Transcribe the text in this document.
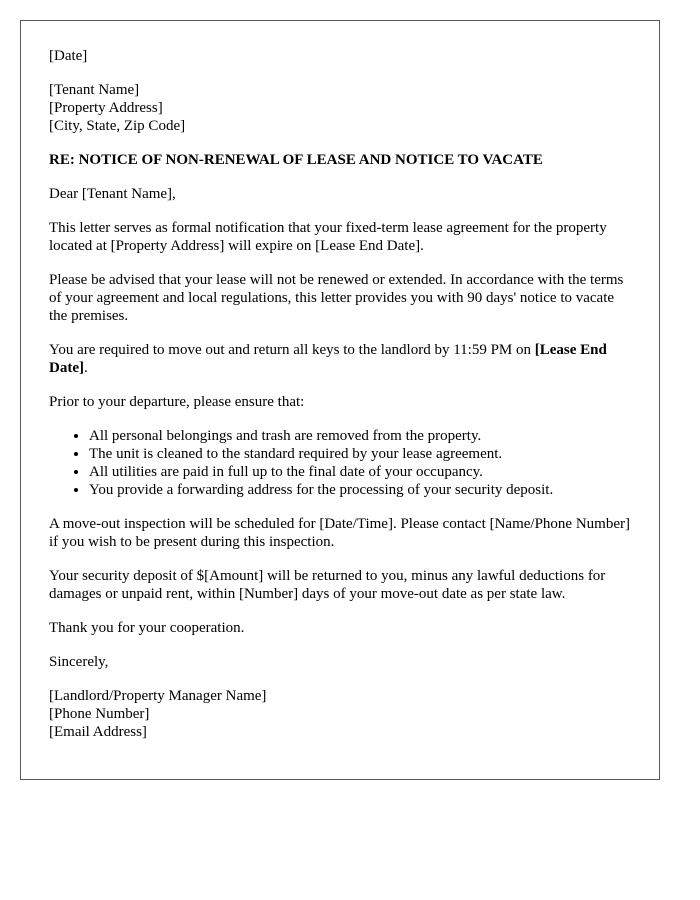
[Date]
[Tenant Name]
[Property Address]
[City, State, Zip Code]
RE: NOTICE OF NON-RENEWAL OF LEASE AND NOTICE TO VACATE

Dear [Tenant Name],

This letter serves as formal notification that your fixed-term lease agreement for the property located at [Property Address] will expire on [Lease End Date].

Please be advised that your lease will not be renewed or extended. In accordance with the terms of your agreement and local regulations, this letter provides you with 90 days' notice to vacate the premises.

You are required to move out and return all keys to the landlord by 11:59 PM on [Lease End Date].

Prior to your departure, please ensure that:

• All personal belongings and trash are removed from the property.
• The unit is cleaned to the standard required by your lease agreement.
• All utilities are paid in full up to the final date of your occupancy.
• You provide a forwarding address for the processing of your security deposit.

A move-out inspection will be scheduled for [Date/Time]. Please contact [Name/Phone Number] if you wish to be present during this inspection.

Your security deposit of $[Amount] will be returned to you, minus any lawful deductions for damages or unpaid rent, within [Number] days of your move-out date as per state law.

Thank you for your cooperation.

Sincerely,

[Landlord/Property Manager Name]
[Phone Number]
[Email Address]
